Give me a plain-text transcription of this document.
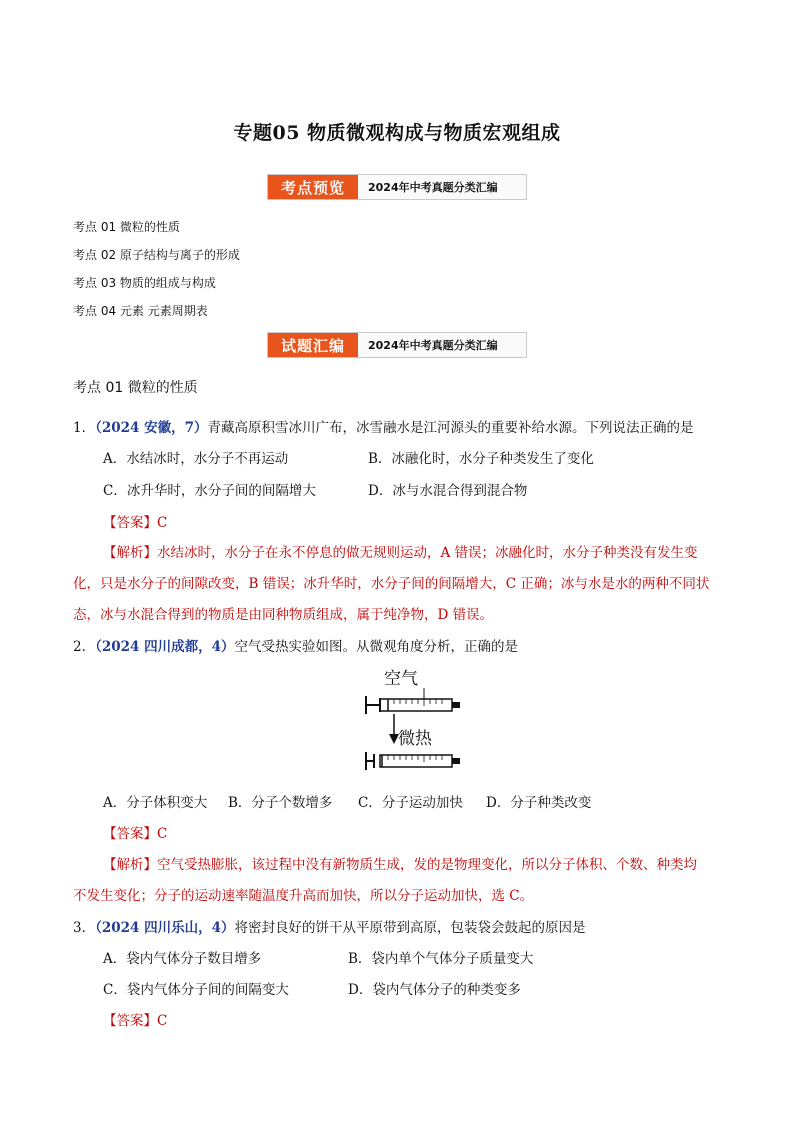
专题05 物质微观构成与物质宏观组成
考点预览	2024年中考真题分类汇编
考点 01 微粒的性质
考点 02 原子结构与离子的形成
考点 03 物质的组成与构成
考点 04 元素 元素周期表
试题汇编	2024年中考真题分类汇编
考点 01 微粒的性质
1．（2024 安徽，7）青藏高原积雪冰川广布，冰雪融水是江河源头的重要补给水源。下列说法正确的是
A．水结冰时，水分子不再运动	B．冰融化时，水分子种类发生了变化
C．冰升华时，水分子间的间隔增大	D．冰与水混合得到混合物
【答案】C
【解析】水结冰时，水分子在永不停息的做无规则运动，A 错误；冰融化时，水分子种类没有发生变
化，只是水分子的间隙改变，B 错误；冰升华时，水分子间的间隔增大，C 正确；冰与水是水的两种不同状
态，冰与水混合得到的物质是由同种物质组成，属于纯净物，D 错误。
2．（2024 四川成都，4）空气受热实验如图。从微观角度分析，正确的是
空气
微热
A．分子体积变大 B．分子个数增多 C．分子运动加快 D．分子种类改变
【答案】C
【解析】空气受热膨胀，该过程中没有新物质生成，发的是物理变化，所以分子体积、个数、种类均
不发生变化；分子的运动速率随温度升高而加快，所以分子运动加快，选 C。
3．（2024 四川乐山，4）将密封良好的饼干从平原带到高原，包装袋会鼓起的原因是
A．袋内气体分子数目增多	B．袋内单个气体分子质量变大
C．袋内气体分子间的间隔变大	D．袋内气体分子的种类变多
【答案】C
